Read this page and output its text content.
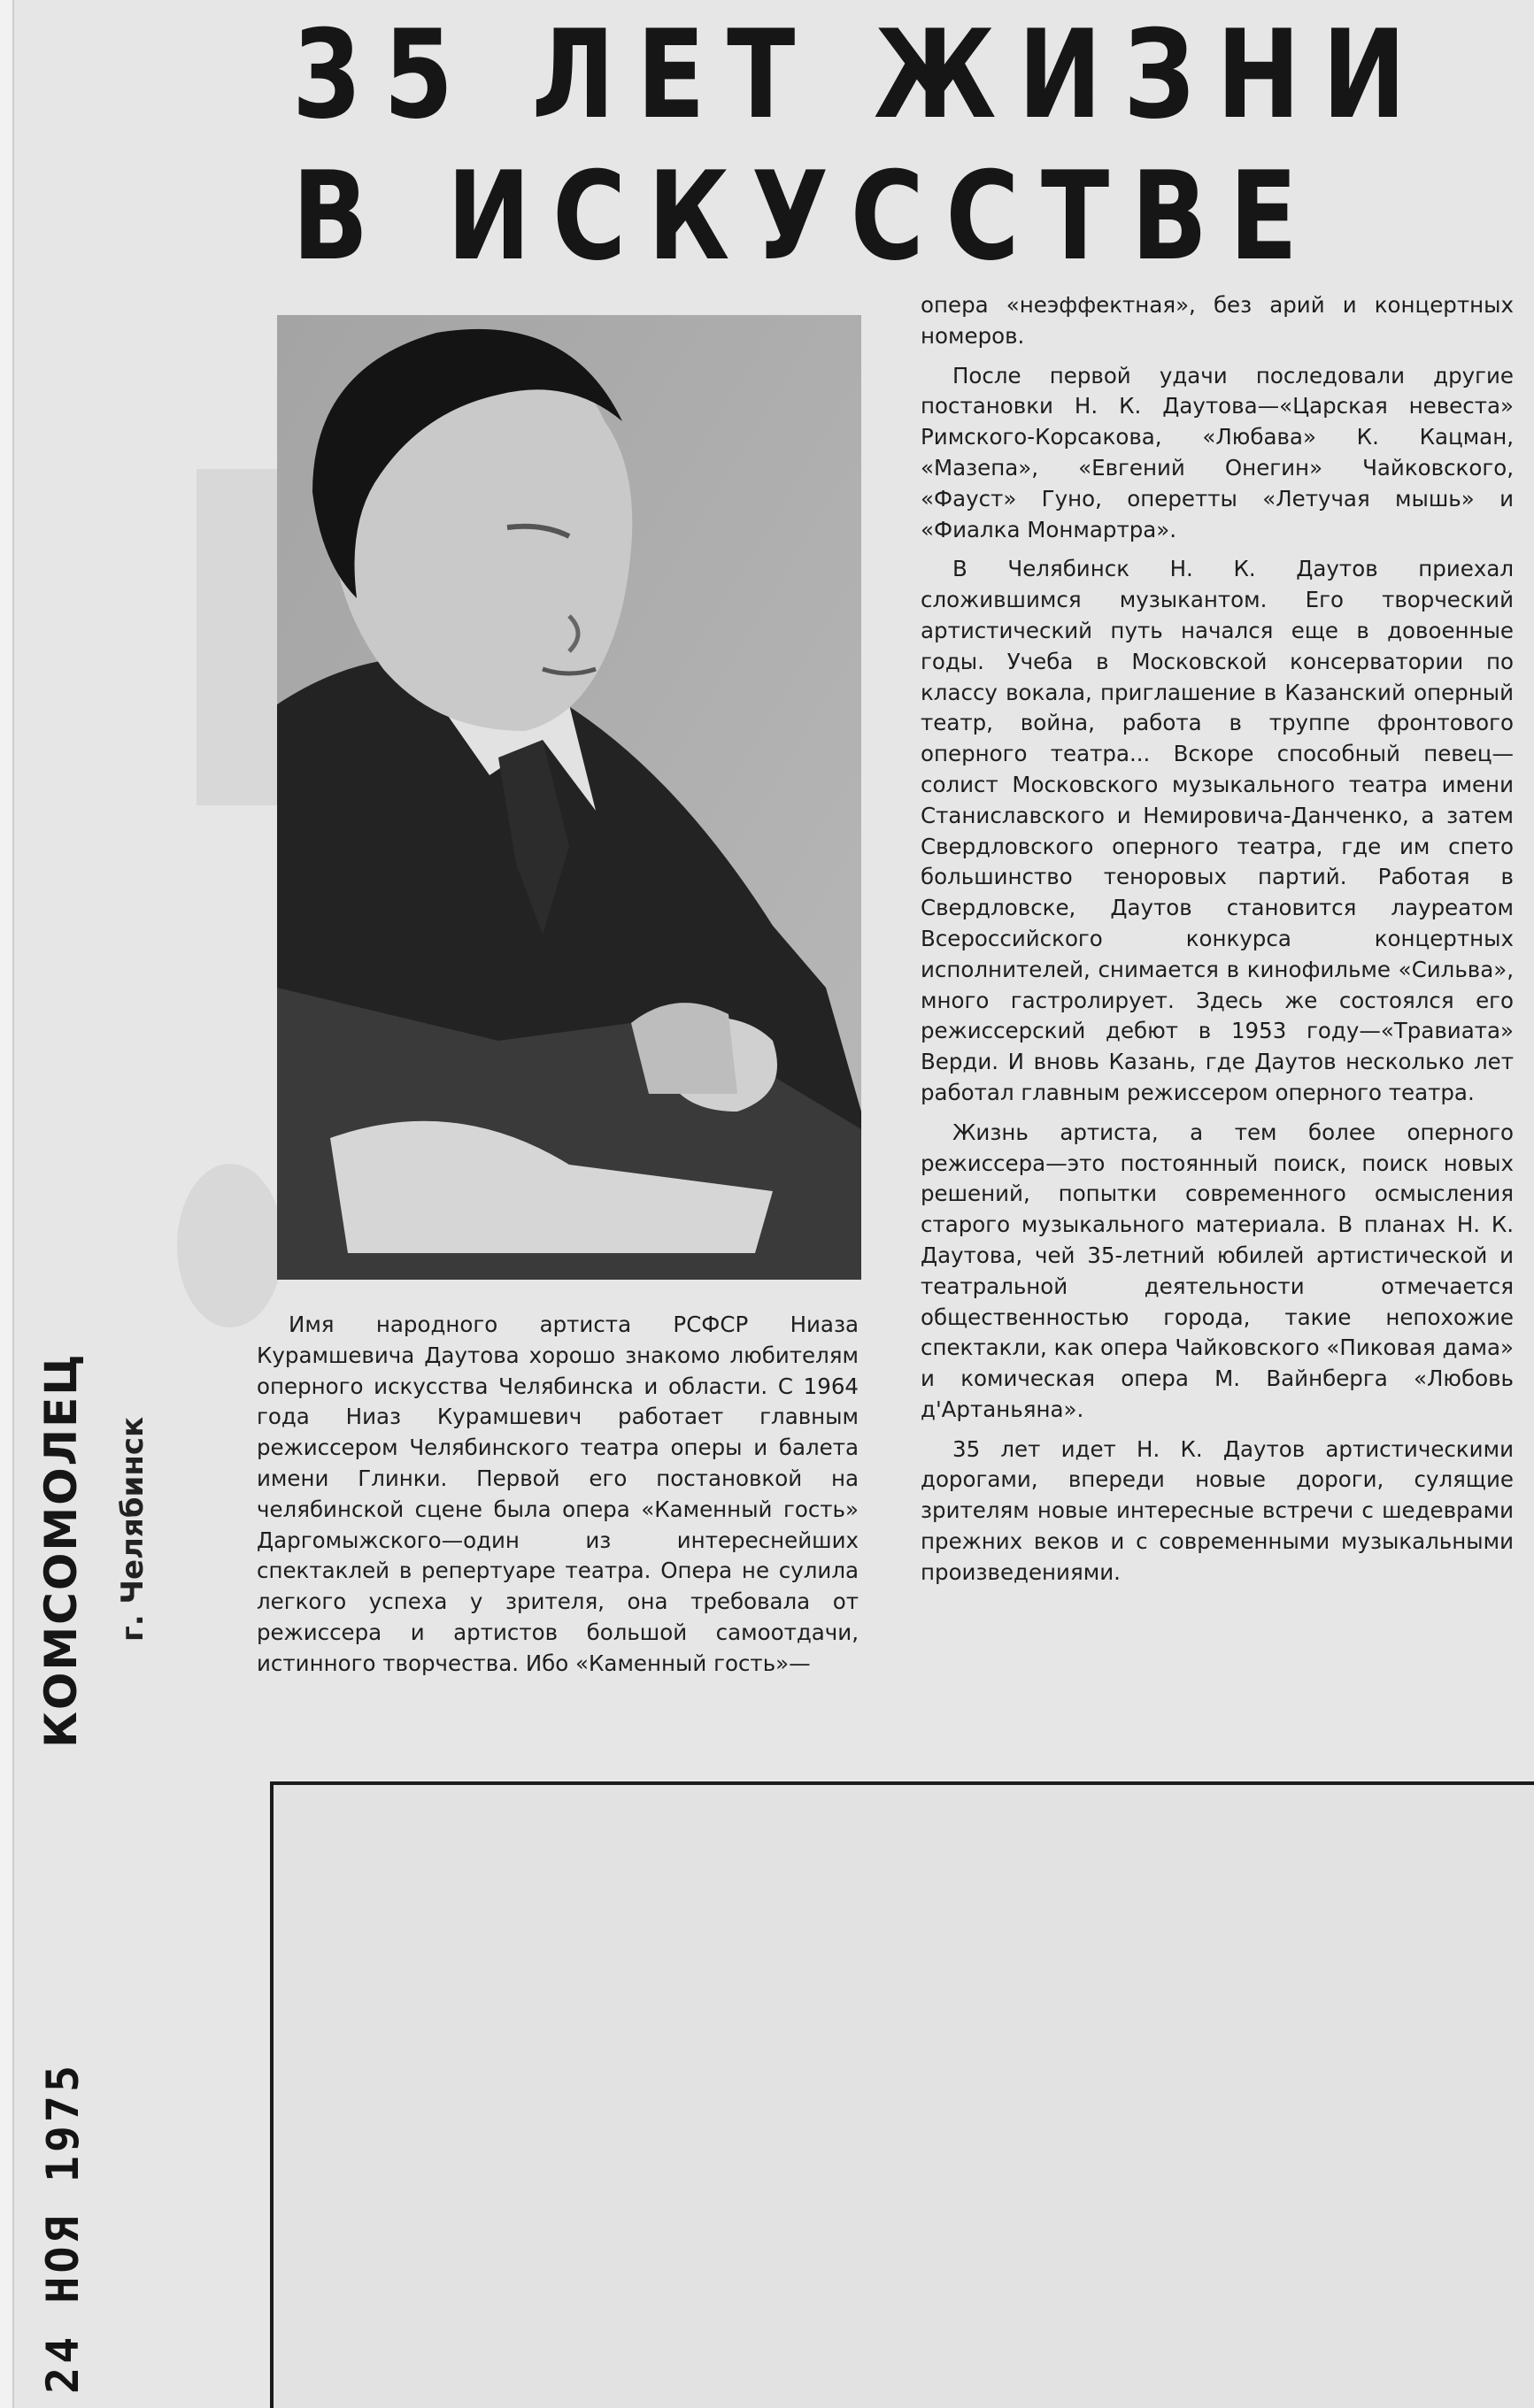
35 ЛЕТ ЖИЗНИ
В ИСКУССТВЕ

Имя народного артиста РСФСР Ниаза Курамшевича Даутова хорошо знакомо любителям оперного искусства Челябинска и области. С 1964 года Ниаз Курамшевич работает главным режиссером Челябинского театра оперы и балета имени Глинки. Первой его постановкой на челябинской сцене была опера «Каменный гость» Даргомыжского—один из интереснейших спектаклей в репертуаре театра. Опера не сулила легкого успеха у зрителя, она требовала от режиссера и артистов большой самоотдачи, истинного творчества. Ибо «Каменный гость»—

опера «неэффектная», без арий и концертных номеров.

После первой удачи последовали другие постановки Н. К. Даутова—«Царская невеста» Римского-Корсакова, «Любава» К. Кацман, «Мазепа», «Евгений Онегин» Чайковского, «Фауст» Гуно, оперетты «Летучая мышь» и «Фиалка Монмартра».

В Челябинск Н. К. Даутов приехал сложившимся музыкантом. Его творческий артистический путь начался еще в довоенные годы. Учеба в Московской консерватории по классу вокала, приглашение в Казанский оперный театр, война, работа в труппе фронтового оперного театра... Вскоре способный певец—солист Московского музыкального театра имени Станиславского и Немировича-Данченко, а затем Свердловского оперного театра, где им спето большинство теноровых партий. Работая в Свердловске, Даутов становится лауреатом Всероссийского конкурса концертных исполнителей, снимается в кинофильме «Сильва», много гастролирует. Здесь же состоялся его режиссерский дебют в 1953 году—«Травиата» Верди. И вновь Казань, где Даутов несколько лет работал главным режиссером оперного театра.

Жизнь артиста, а тем более оперного режиссера—это постоянный поиск, поиск новых решений, попытки современного осмысления старого музыкального материала. В планах Н. К. Даутова, чей 35-летний юбилей артистической и театральной деятельности отмечается общественностью города, такие непохожие спектакли, как опера Чайковского «Пиковая дама» и комическая опера М. Вайнберга «Любовь д'Артаньяна».

35 лет идет Н. К. Даутов артистическими дорогами, впереди новые дороги, сулящие зрителям новые интересные встречи с шедеврами прежних веков и с современными музыкальными произведениями.

КОМСОМОЛЕЦ г. Челябинск
24 НОЯ 1975
